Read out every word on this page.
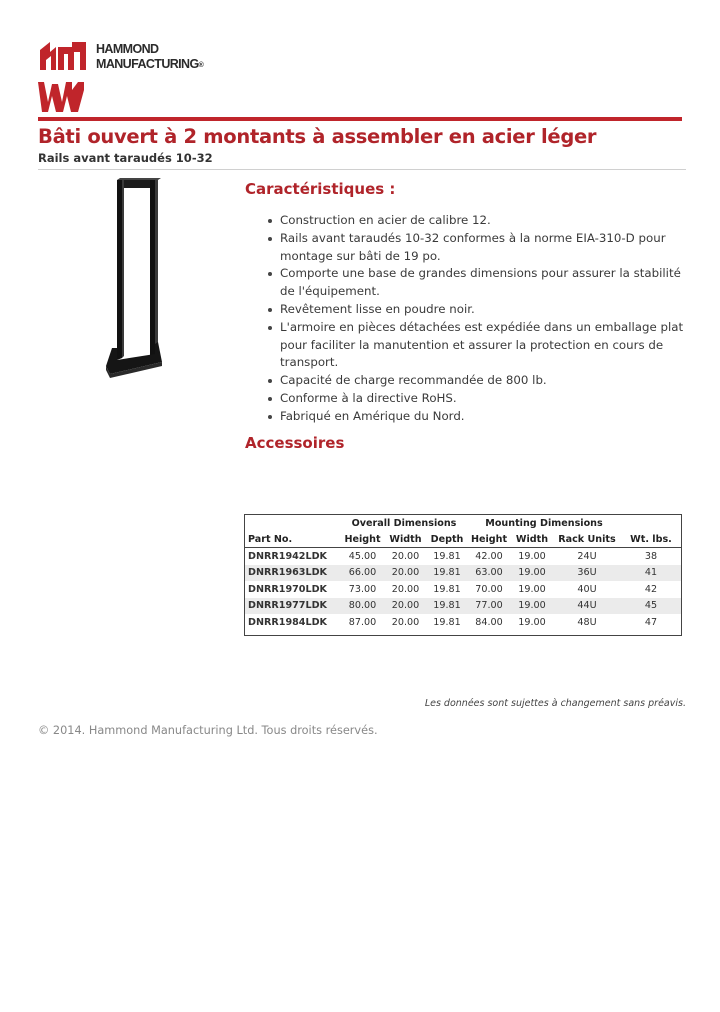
HAMMOND
MANUFACTURING®
Bâti ouvert à 2 montants à assembler en acier léger
Rails avant taraudés 10-32
Caractéristiques :
Construction en acier de calibre 12.
Rails avant taraudés 10-32 conformes à la norme EIA-310-D pour montage sur bâti de 19 po.
Comporte une base de grandes dimensions pour assurer la stabilité de l'équipement.
Revêtement lisse en poudre noir.
L'armoire en pièces détachées est expédiée dans un emballage plat pour faciliter la manutention et assurer la protection en cours de transport.
Capacité de charge recommandée de 800 lb.
Conforme à la directive RoHS.
Fabriqué en Amérique du Nord.
Accessoires
	Overall Dimensions			Mounting Dimensions			
Part No.	Height	Width	Depth	Height	Width	Rack Units	Wt. lbs.
DNRR1942LDK	45.00	20.00	19.81	42.00	19.00	24U	38
DNRR1963LDK	66.00	20.00	19.81	63.00	19.00	36U	41
DNRR1970LDK	73.00	20.00	19.81	70.00	19.00	40U	42
DNRR1977LDK	80.00	20.00	19.81	77.00	19.00	44U	45
DNRR1984LDK	87.00	20.00	19.81	84.00	19.00	48U	47
Les données sont sujettes à changement sans préavis.
© 2014. Hammond Manufacturing Ltd. Tous droits réservés.
